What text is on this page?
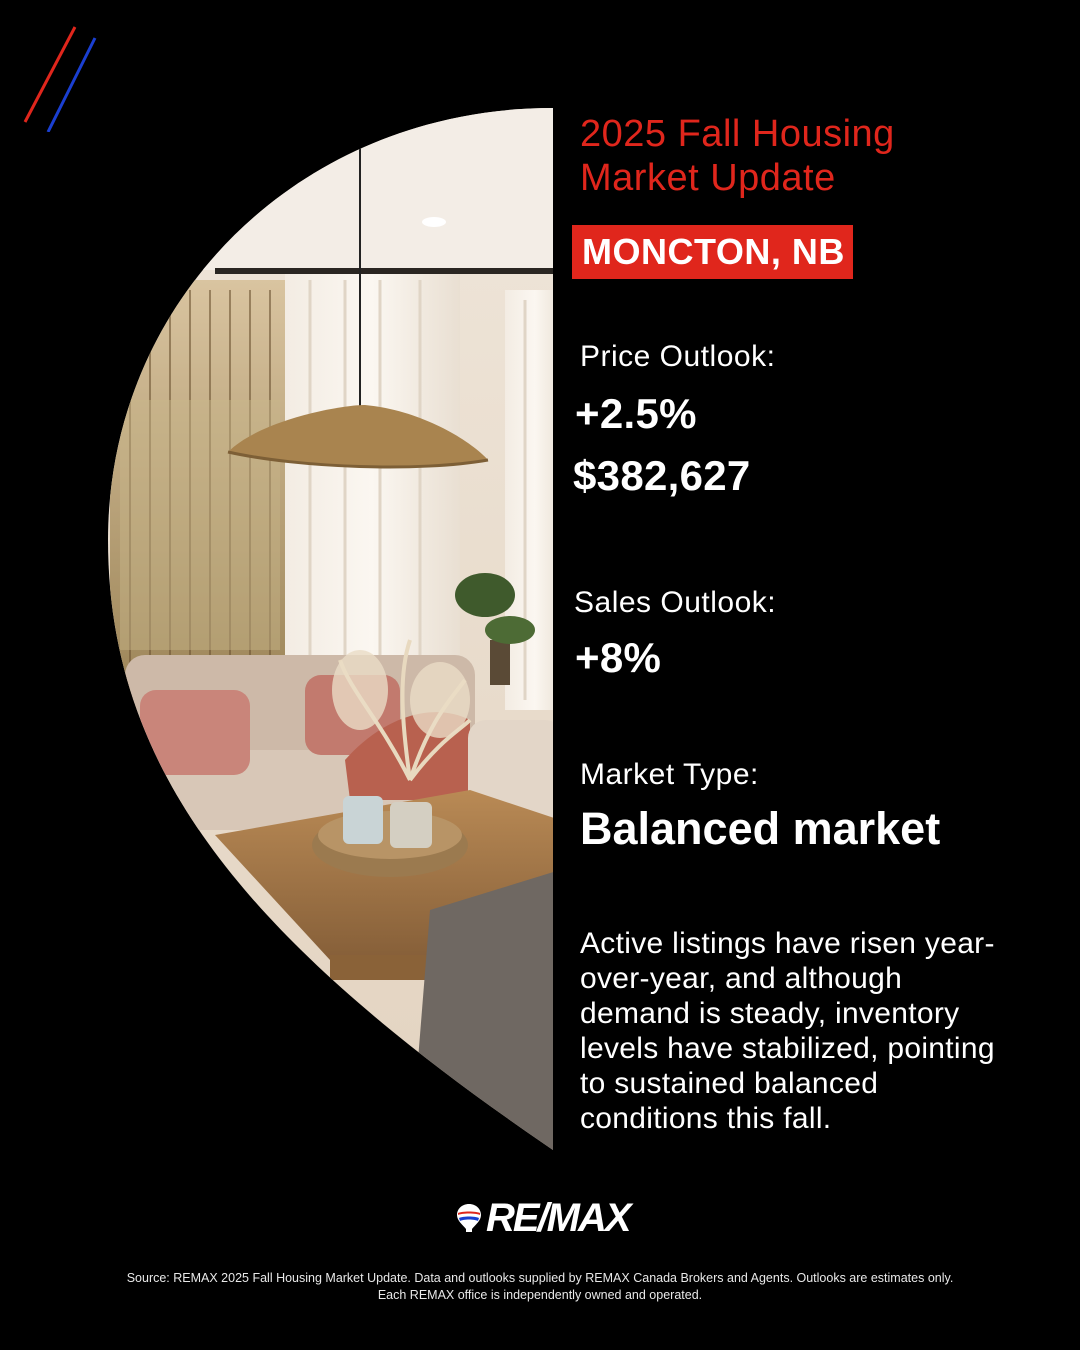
2025 Fall Housing Market Update
MONCTON, NB
Price Outlook:
+2.5%
$382,627
Sales Outlook:
+8%
Market Type:
Balanced market
Active listings have risen year-over-year, and although demand is steady, inventory levels have stabilized, pointing to sustained balanced conditions this fall.
RE/MAX
Source: REMAX 2025 Fall Housing Market Update. Data and outlooks supplied by REMAX Canada Brokers and Agents. Outlooks are estimates only.
Each REMAX office is independently owned and operated.
